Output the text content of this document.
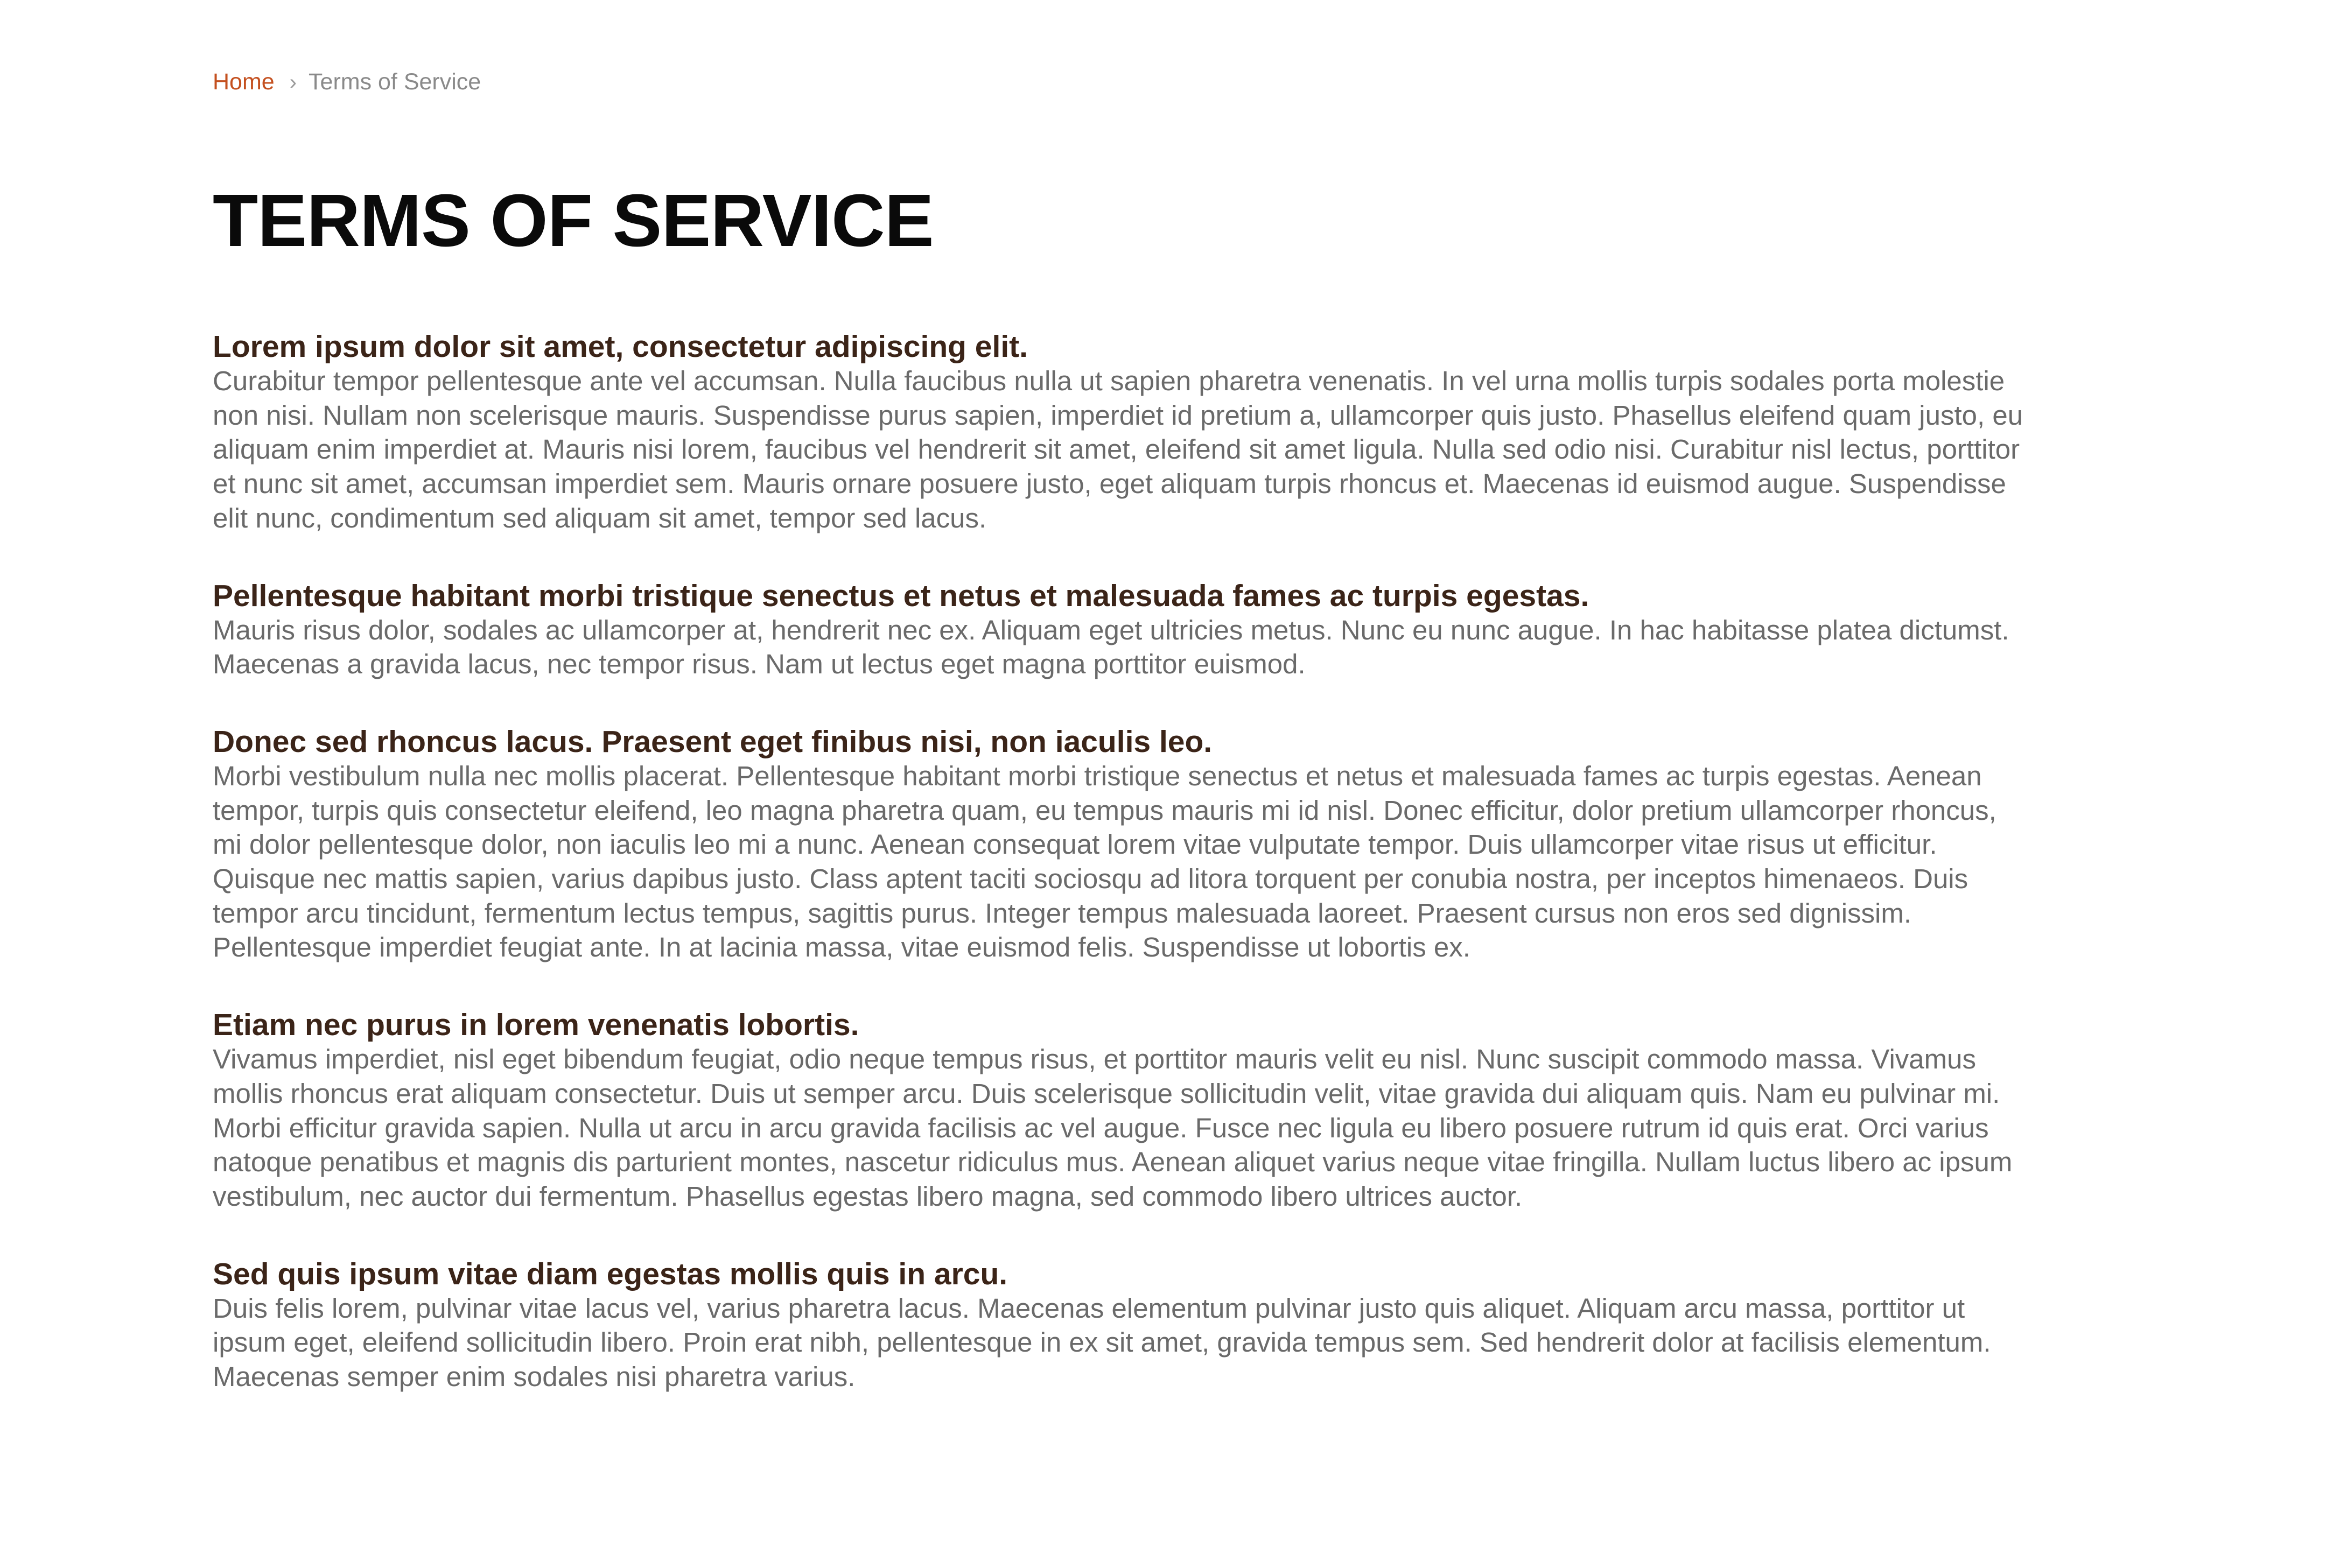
Home › Terms of Service
TERMS OF SERVICE
Lorem ipsum dolor sit amet, consectetur adipiscing elit.

Curabitur tempor pellentesque ante vel accumsan. Nulla faucibus nulla ut sapien pharetra venenatis. In vel urna mollis turpis sodales porta molestie non nisi. Nullam non scelerisque mauris. Suspendisse purus sapien, imperdiet id pretium a, ullamcorper quis justo. Phasellus eleifend quam justo, eu aliquam enim imperdiet at. Mauris nisi lorem, faucibus vel hendrerit sit amet, eleifend sit amet ligula. Nulla sed odio nisi. Curabitur nisl lectus, porttitor et nunc sit amet, accumsan imperdiet sem. Mauris ornare posuere justo, eget aliquam turpis rhoncus et. Maecenas id euismod augue. Suspendisse elit nunc, condimentum sed aliquam sit amet, tempor sed lacus.

Pellentesque habitant morbi tristique senectus et netus et malesuada fames ac turpis egestas.

Mauris risus dolor, sodales ac ullamcorper at, hendrerit nec ex. Aliquam eget ultricies metus. Nunc eu nunc augue. In hac habitasse platea dictumst. Maecenas a gravida lacus, nec tempor risus. Nam ut lectus eget magna porttitor euismod.

Donec sed rhoncus lacus. Praesent eget finibus nisi, non iaculis leo.

Morbi vestibulum nulla nec mollis placerat. Pellentesque habitant morbi tristique senectus et netus et malesuada fames ac turpis egestas. Aenean tempor, turpis quis consectetur eleifend, leo magna pharetra quam, eu tempus mauris mi id nisl. Donec efficitur, dolor pretium ullamcorper rhoncus, mi dolor pellentesque dolor, non iaculis leo mi a nunc. Aenean consequat lorem vitae vulputate tempor. Duis ullamcorper vitae risus ut efficitur. Quisque nec mattis sapien, varius dapibus justo. Class aptent taciti sociosqu ad litora torquent per conubia nostra, per inceptos himenaeos. Duis tempor arcu tincidunt, fermentum lectus tempus, sagittis purus. Integer tempus malesuada laoreet. Praesent cursus non eros sed dignissim. Pellentesque imperdiet feugiat ante. In at lacinia massa, vitae euismod felis. Suspendisse ut lobortis ex.

Etiam nec purus in lorem venenatis lobortis.

Vivamus imperdiet, nisl eget bibendum feugiat, odio neque tempus risus, et porttitor mauris velit eu nisl. Nunc suscipit commodo massa. Vivamus mollis rhoncus erat aliquam consectetur. Duis ut semper arcu. Duis scelerisque sollicitudin velit, vitae gravida dui aliquam quis. Nam eu pulvinar mi. Morbi efficitur gravida sapien. Nulla ut arcu in arcu gravida facilisis ac vel augue. Fusce nec ligula eu libero posuere rutrum id quis erat. Orci varius natoque penatibus et magnis dis parturient montes, nascetur ridiculus mus. Aenean aliquet varius neque vitae fringilla. Nullam luctus libero ac ipsum vestibulum, nec auctor dui fermentum. Phasellus egestas libero magna, sed commodo libero ultrices auctor.

Sed quis ipsum vitae diam egestas mollis quis in arcu.

Duis felis lorem, pulvinar vitae lacus vel, varius pharetra lacus. Maecenas elementum pulvinar justo quis aliquet. Aliquam arcu massa, porttitor ut ipsum eget, eleifend sollicitudin libero. Proin erat nibh, pellentesque in ex sit amet, gravida tempus sem. Sed hendrerit dolor at facilisis elementum. Maecenas semper enim sodales nisi pharetra varius.
